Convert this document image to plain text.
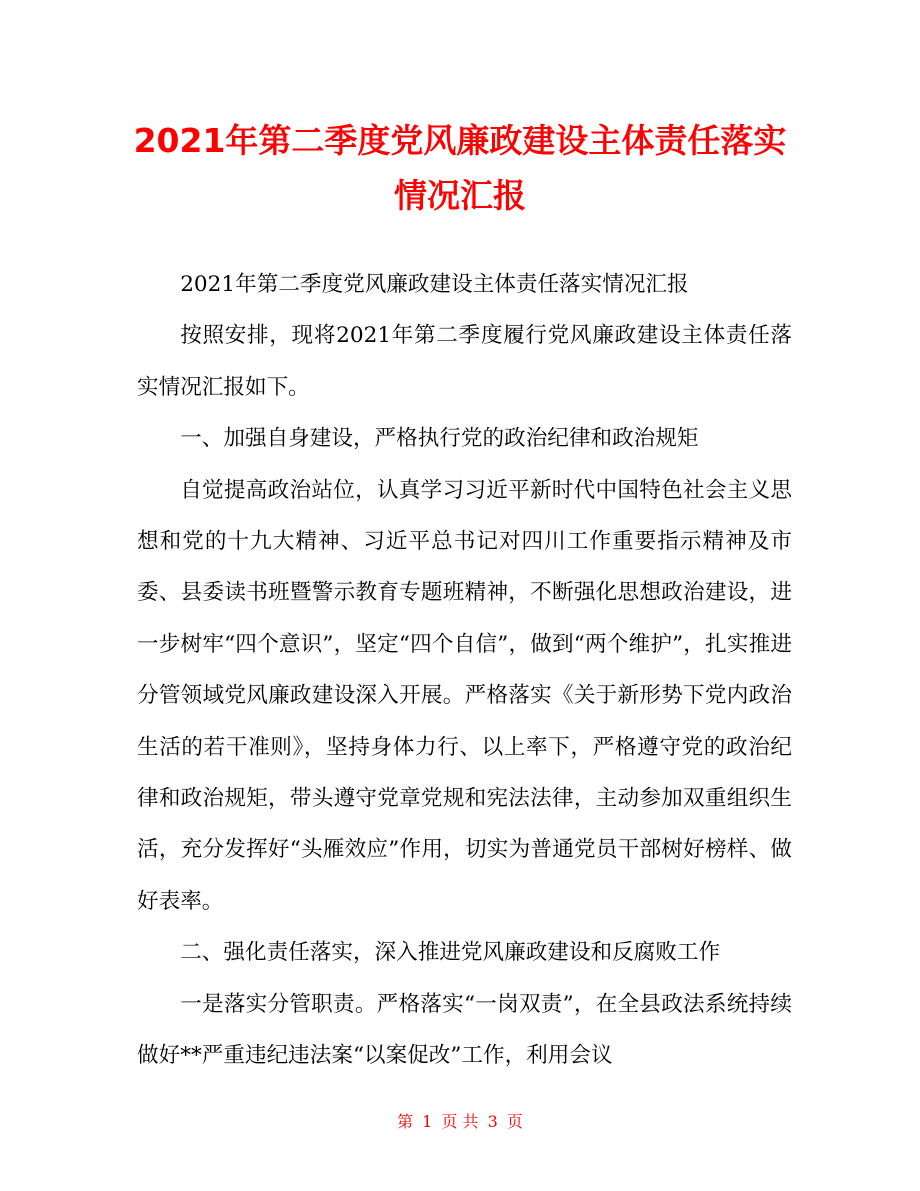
2021年第二季度党风廉政建设主体责任落实情况汇报

2021年第二季度党风廉政建设主体责任落实情况汇报

按照安排，现将2021年第二季度履行党风廉政建设主体责任落实情况汇报如下。

一、加强自身建设，严格执行党的政治纪律和政治规矩

自觉提高政治站位，认真学习习近平新时代中国特色社会主义思想和党的十九大精神、习近平总书记对四川工作重要指示精神及市委、县委读书班暨警示教育专题班精神，不断强化思想政治建设，进一步树牢“四个意识”，坚定“四个自信”，做到“两个维护”，扎实推进分管领域党风廉政建设深入开展。严格落实《关于新形势下党内政治生活的若干准则》，坚持身体力行、以上率下，严格遵守党的政治纪律和政治规矩，带头遵守党章党规和宪法法律，主动参加双重组织生活，充分发挥好“头雁效应”作用，切实为普通党员干部树好榜样、做好表率。

二、强化责任落实，深入推进党风廉政建设和反腐败工作

一是落实分管职责。严格落实“一岗双责”，在全县政法系统持续做好**严重违纪违法案“以案促改”工作，利用会议

第 1 页 共 3 页
